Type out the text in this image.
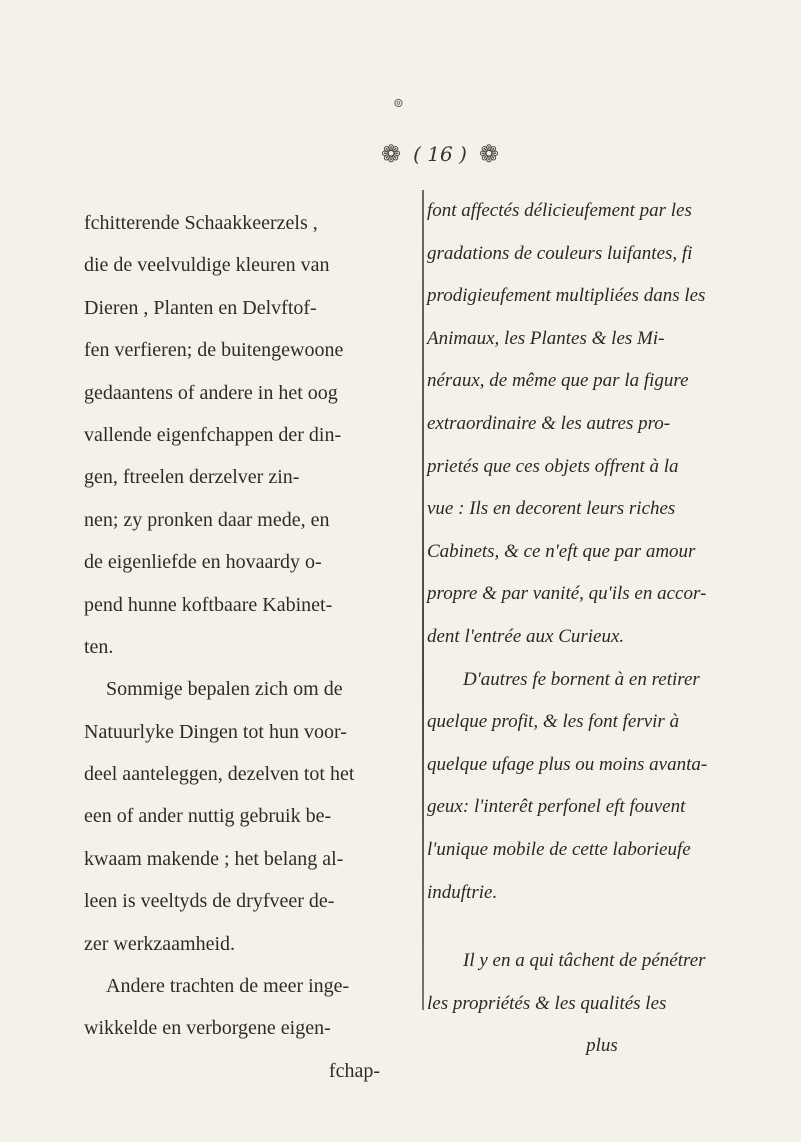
⊚
❁ ( 16 ) ❁
fchitterende Schaakkeerzels ,
die de veelvuldige kleuren van
Dieren , Planten en Delvftof-
fen verfieren; de buitengewoone
gedaantens of andere in het oog
vallende eigenfchappen der din-
gen, ftreelen derzelver zin-
nen; zy pronken daar mede, en
de eigenliefde en hovaardy o-
pend hunne koftbaare Kabinet-
ten.
Sommige bepalen zich om de
Natuurlyke Dingen tot hun voor-
deel aanteleggen, dezelven tot het
een of ander nuttig gebruik be-
kwaam makende ; het belang al-
leen is veeltyds de dryfveer de-
zer werkzaamheid.
Andere trachten de meer inge-
wikkelde en verborgene eigen-
fchap-
font affectés délicieufement par les
gradations de couleurs luifantes, fi
prodigieufement multipliées dans les
Animaux, les Plantes & les Mi-
néraux, de même que par la figure
extraordinaire & les autres pro-
prietés que ces objets offrent à la
vue : Ils en decorent leurs riches
Cabinets, & ce n'eft que par amour
propre & par vanité, qu'ils en accor-
dent l'entrée aux Curieux.
D'autres fe bornent à en retirer
quelque profit, & les font fervir à
quelque ufage plus ou moins avanta-
geux: l'interêt perfonel eft fouvent
l'unique mobile de cette laborieufe
induftrie.
Il y en a qui tâchent de pénétrer
les propriétés & les qualités les
plus
